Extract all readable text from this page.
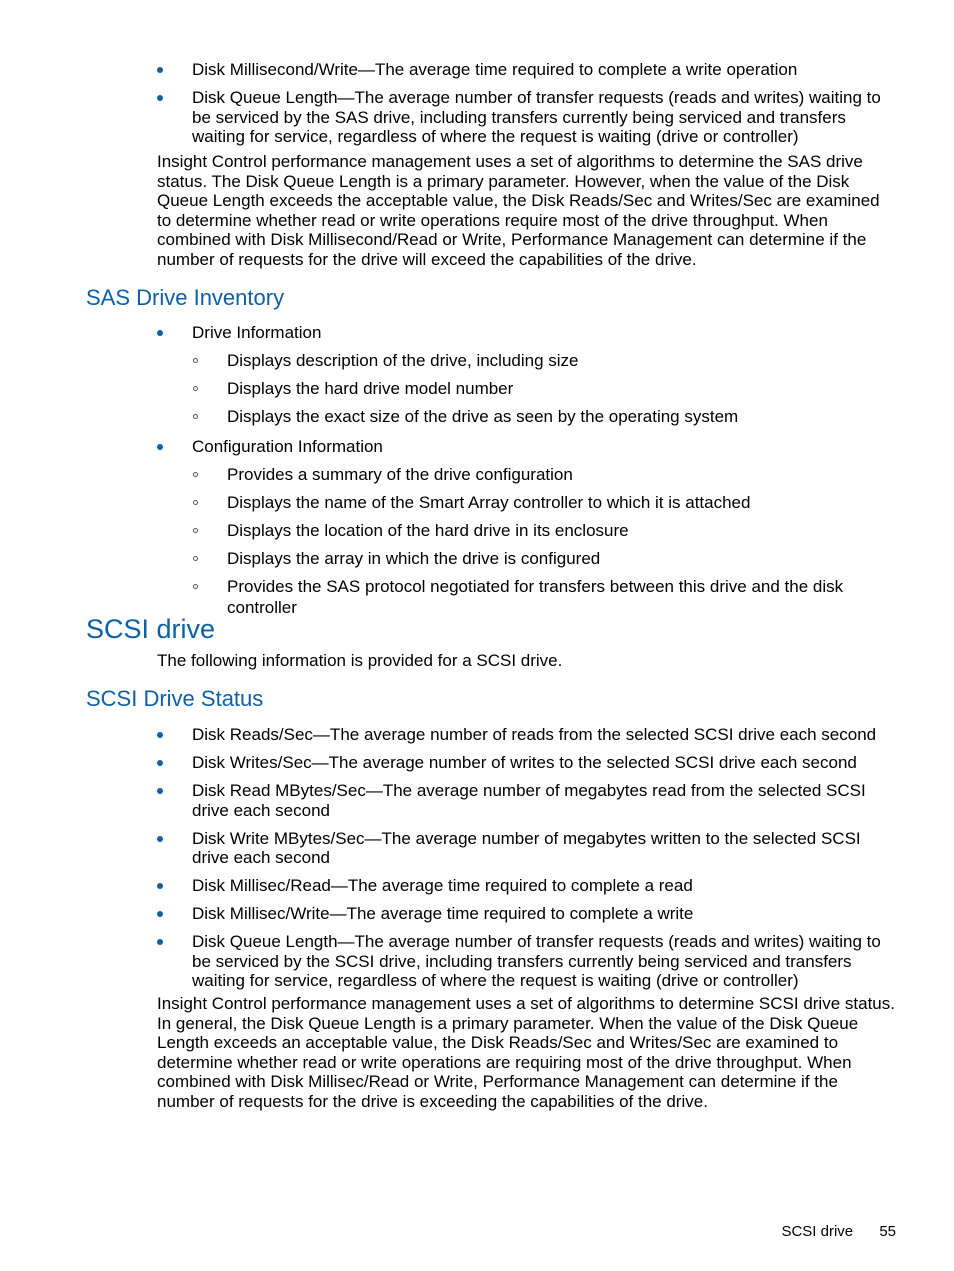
Disk Millisecond/Write—The average time required to complete a write operation
Disk Queue Length—The average number of transfer requests (reads and writes) waiting to be serviced by the SAS drive, including transfers currently being serviced and transfers waiting for service, regardless of where the request is waiting (drive or controller)

Insight Control performance management uses a set of algorithms to determine the SAS drive status. The Disk Queue Length is a primary parameter. However, when the value of the Disk Queue Length exceeds the acceptable value, the Disk Reads/Sec and Writes/Sec are examined to determine whether read or write operations require most of the drive throughput. When combined with Disk Millisecond/Read or Write, Performance Management can determine if the number of requests for the drive will exceed the capabilities of the drive.

SAS Drive Inventory
Drive Information
Displays description of the drive, including size
Displays the hard drive model number
Displays the exact size of the drive as seen by the operating system
Configuration Information
Provides a summary of the drive configuration
Displays the name of the Smart Array controller to which it is attached
Displays the location of the hard drive in its enclosure
Displays the array in which the drive is configured
Provides the SAS protocol negotiated for transfers between this drive and the disk controller
SCSI drive

The following information is provided for a SCSI drive.

SCSI Drive Status
Disk Reads/Sec—The average number of reads from the selected SCSI drive each second
Disk Writes/Sec—The average number of writes to the selected SCSI drive each second
Disk Read MBytes/Sec—The average number of megabytes read from the selected SCSI drive each second
Disk Write MBytes/Sec—The average number of megabytes written to the selected SCSI drive each second
Disk Millisec/Read—The average time required to complete a read
Disk Millisec/Write—The average time required to complete a write
Disk Queue Length—The average number of transfer requests (reads and writes) waiting to be serviced by the SCSI drive, including transfers currently being serviced and transfers waiting for service, regardless of where the request is waiting (drive or controller)

Insight Control performance management uses a set of algorithms to determine SCSI drive status. In general, the Disk Queue Length is a primary parameter. When the value of the Disk Queue Length exceeds an acceptable value, the Disk Reads/Sec and Writes/Sec are examined to determine whether read or write operations are requiring most of the drive throughput. When combined with Disk Millisec/Read or Write, Performance Management can determine if the number of requests for the drive is exceeding the capabilities of the drive.

SCSI drive 55
